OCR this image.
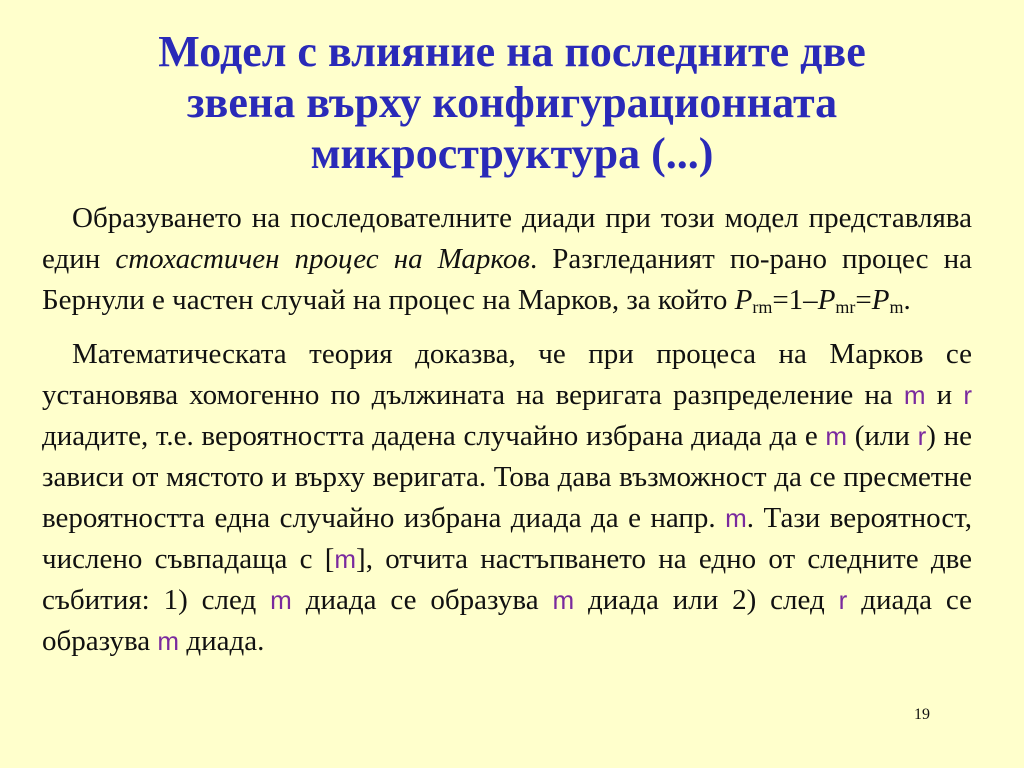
Модел с влияние на последните две
звена върху конфигурационната
микроструктура (...)

Образуването на последователните диади при този модел представлява един стохастичен процес на Марков. Разгледаният по-рано процес на Бернули е частен случай на процес на Марков, за който $P_{rm}=1-P_{mr}=P_m$.

Математическата теория доказва, че при процеса на Марков се установява хомогенно по дължината на веригата разпределение на m и r диадите, т.е. вероятността дадена случайно избрана диада да е m (или r) не зависи от мястото и върху веригата. Това дава възможност да се пресметне вероятността една случайно избрана диада да е напр. m. Тази вероятност, числено съвпадаща с [m], отчита настъпването на едно от следните две събития: 1) след m диада се образува m диада или 2) след r диада се образува m диада.

19
